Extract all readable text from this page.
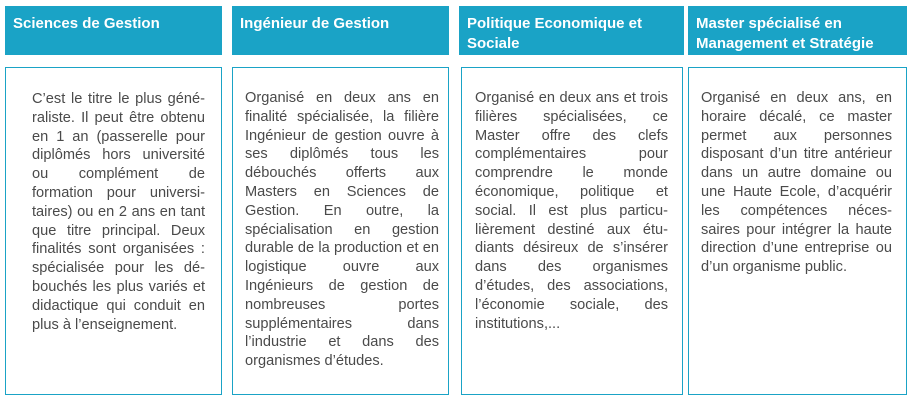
Sciences de Gestion

C’est le titre le plus généraliste. Il peut être obtenu en 1 an (passerelle pour diplômés hors université ou complément de formation pour universitaires) ou en 2 ans en tant que titre principal. Deux finalités sont organisées : spécialisée pour les débouchés les plus variés et didactique qui conduit en plus à l’enseignement.

Ingénieur de Gestion

Organisé en deux ans en finalité spécialisée, la filière Ingénieur de gestion ouvre à ses diplômés tous les débouchés offerts aux Masters en Sciences de Gestion. En outre, la spécialisation en gestion durable de la production et en logistique ouvre aux Ingénieurs de gestion de nombreuses portes supplémentaires dans l’industrie et dans des organismes d’études.

Politique Economique et Sociale

Organisé en deux ans et trois filières spécialisées, ce Master offre des clefs complémentaires pour comprendre le monde économique, politique et social. Il est plus particulièrement destiné aux étudiants désireux de s’insérer dans des organismes d’études, des associations, l’économie sociale, des institutions,...

Master spécialisé en Management et Stratégie

Organisé en deux ans, en horaire décalé, ce master permet aux personnes disposant d’un titre antérieur dans un autre domaine ou une Haute Ecole, d’acquérir les compétences nécessaires pour intégrer la haute direction d’une entreprise ou d’un organisme public.
